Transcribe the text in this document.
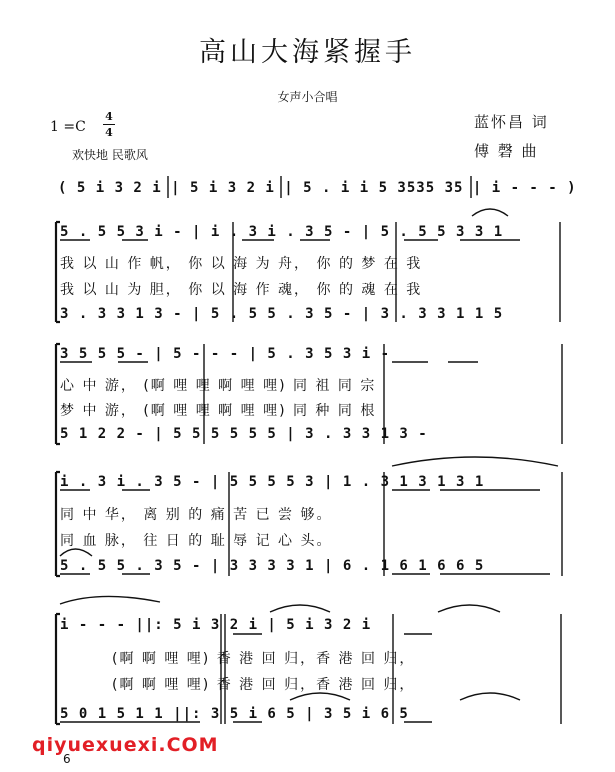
高山大海紧握手
女声小合唱
1 =C
4
4
欢快地 民歌风
蓝怀昌 词
傅 磬 曲
( 5 i 3 2 i | 5 i 3 2 i | 5 . i i 5 3535 35 | i - - - )
5 . 5 5 3 i - | i . 3 i . 3 5 - | 5 . 5 5 3 3 1
我 以 山 作 帆， 你 以 海 为 舟， 你 的 梦 在 我
我 以 山 为 胆， 你 以 海 作 魂， 你 的 魂 在 我
3 . 3 3 1 3 - | 5 . 5 5 . 3 5 - | 3 . 3 3 1 1 5
3 5 5 5 - | 5 - - - | 5 . 3 5 3 i -
心 中 游， (啊 哩 哩 啊 哩 哩) 同 祖 同 宗
梦 中 游， (啊 哩 哩 啊 哩 哩) 同 种 同 根
5 1 2 2 - | 5 5 5 5 5 5 | 3 . 3 3 1 3 -
i . 3 i . 3 5 - | 5 5 5 5 3 | 1 . 3 1 3 1 3 1
同 中 华， 离 别 的 痛 苦 已 尝 够。
同 血 脉， 往 日 的 耻 辱 记 心 头。
5 . 5 5 . 3 5 - | 3 3 3 3 1 | 6 . 1 6 1 6 6 5
i - - - ||: 5 i 3 2 i | 5 i 3 2 i
(啊 啊 哩 哩) 香 港 回 归，香 港 回 归，
(啊 啊 哩 哩) 香 港 回 归，香 港 回 归，
5 0 1 5 1 1 ||: 3 5 i 6 5 | 3 5 i 6 5
qiyuexuexi.COM
6
